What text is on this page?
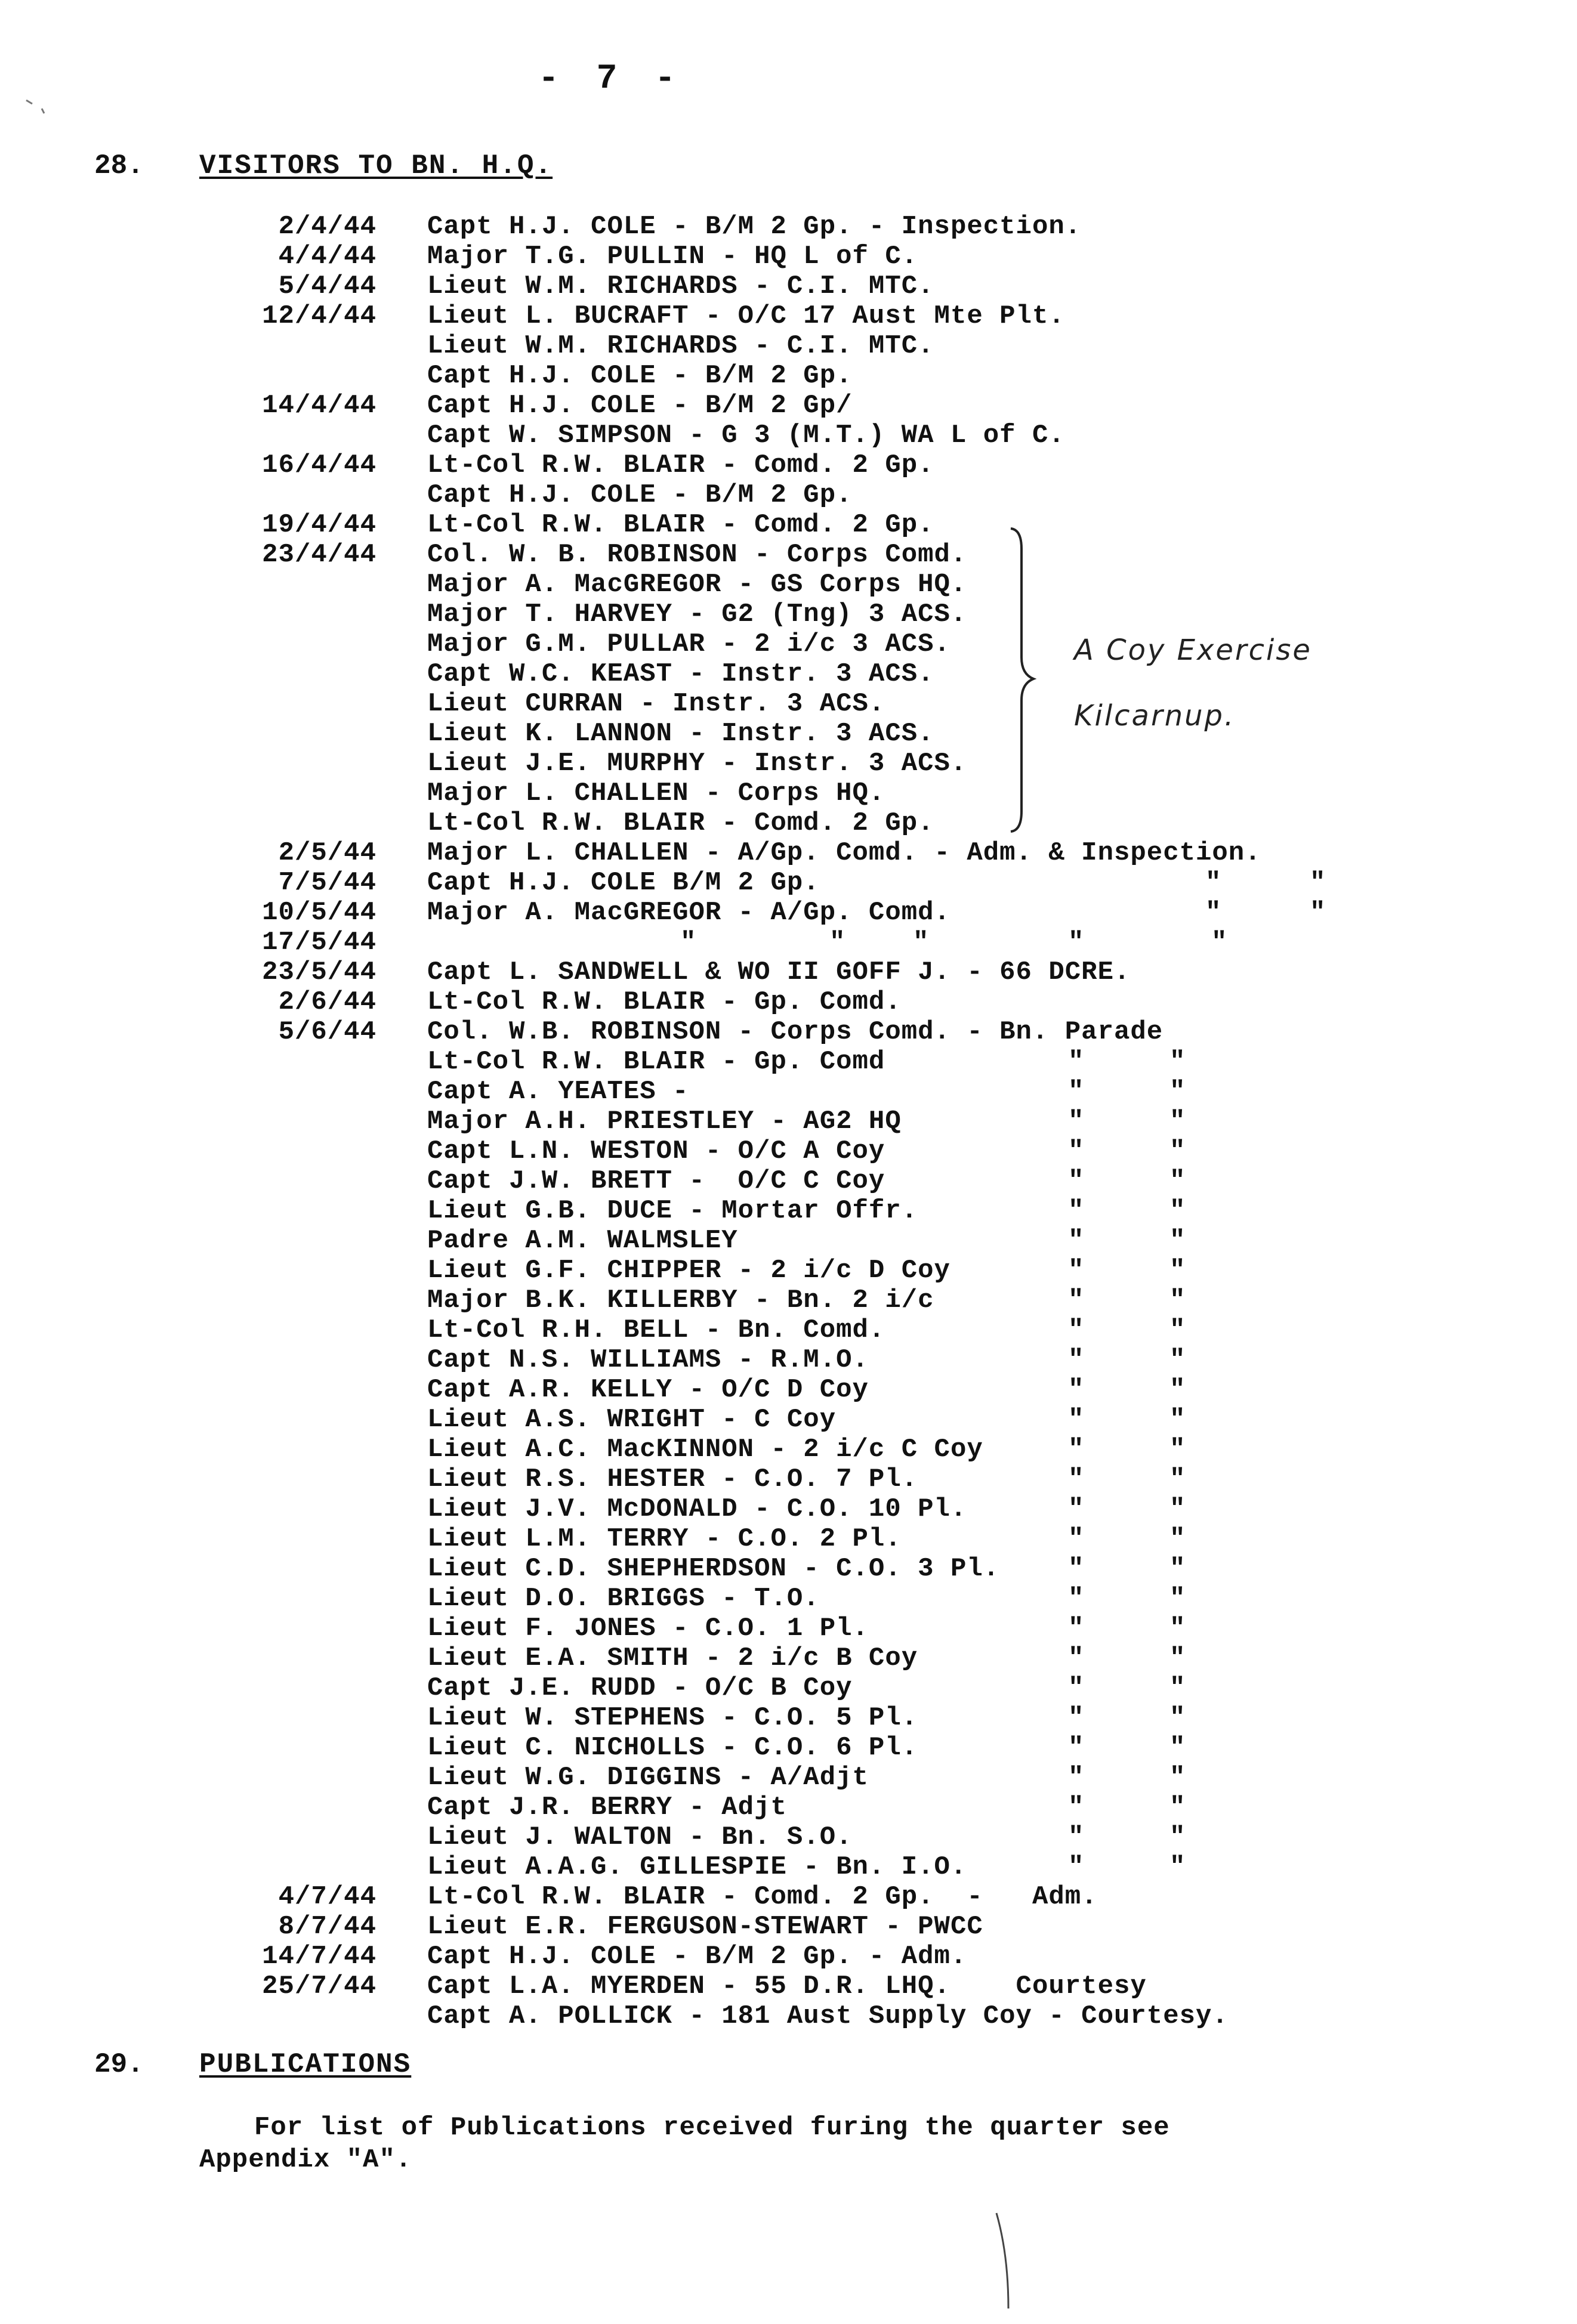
- 7 -
28. VISITORS TO BN. H.Q.
2/4/44 Capt H.J. COLE - B/M 2 Gp. - Inspection.
4/4/44 Major T.G. PULLIN - HQ L of C.
5/4/44 Lieut W.M. RICHARDS - C.I. MTC.
12/4/44 Lieut L. BUCRAFT - O/C 17 Aust Mte Plt.
Lieut W.M. RICHARDS - C.I. MTC.
Capt H.J. COLE - B/M 2 Gp.
14/4/44 Capt H.J. COLE - B/M 2 Gp/
Capt W. SIMPSON - G 3 (M.T.) WA L of C.
16/4/44 Lt-Col R.W. BLAIR - Comd. 2 Gp.
Capt H.J. COLE - B/M 2 Gp.
19/4/44 Lt-Col R.W. BLAIR - Comd. 2 Gp.
23/4/44 Col. W. B. ROBINSON - Corps Comd.
Major A. MacGREGOR - GS Corps HQ.
Major T. HARVEY - G2 (Tng) 3 ACS.
Major G.M. PULLAR - 2 i/c 3 ACS.
Capt W.C. KEAST - Instr. 3 ACS.
Lieut CURRAN - Instr. 3 ACS.
Lieut K. LANNON - Instr. 3 ACS.
Lieut J.E. MURPHY - Instr. 3 ACS.
Major L. CHALLEN - Corps HQ.
Lt-Col R.W. BLAIR - Comd. 2 Gp.
2/5/44 Major L. CHALLEN - A/Gp. Comd. - Adm. & Inspection.
7/5/44 Capt H.J. COLE B/M 2 Gp.	"	"
10/5/44 Major A. MacGREGOR - A/Gp. Comd.	"	"
17/5/44	"	"	"	"	"
23/5/44 Capt L. SANDWELL & WO II GOFF J. - 66 DCRE.
2/6/44 Lt-Col R.W. BLAIR - Gp. Comd.
5/6/44 Col. W.B. ROBINSON - Corps Comd. - Bn. Parade
Lt-Col R.W. BLAIR - Gp. Comd	"	"
Capt A. YEATES -	"	"
Major A.H. PRIESTLEY - AG2 HQ	"	"
Capt L.N. WESTON - O/C A Coy	"	"
Capt J.W. BRETT -  O/C C Coy	"	"
Lieut G.B. DUCE - Mortar Offr.	"	"
Padre A.M. WALMSLEY	"	"
Lieut G.F. CHIPPER - 2 i/c D Coy	"	"
Major B.K. KILLERBY - Bn. 2 i/c	"	"
Lt-Col R.H. BELL - Bn. Comd.	"	"
Capt N.S. WILLIAMS - R.M.O.	"	"
Capt A.R. KELLY - O/C D Coy	"	"
Lieut A.S. WRIGHT - C Coy	"	"
Lieut A.C. MacKINNON - 2 i/c C Coy	"	"
Lieut R.S. HESTER - C.O. 7 Pl.	"	"
Lieut J.V. McDONALD - C.O. 10 Pl.	"	"
Lieut L.M. TERRY - C.O. 2 Pl.	"	"
Lieut C.D. SHEPHERDSON - C.O. 3 Pl.	"	"
Lieut D.O. BRIGGS - T.O.	"	"
Lieut F. JONES - C.O. 1 Pl.	"	"
Lieut E.A. SMITH - 2 i/c B Coy	"	"
Capt J.E. RUDD - O/C B Coy	"	"
Lieut W. STEPHENS - C.O. 5 Pl.	"	"
Lieut C. NICHOLLS - C.O. 6 Pl.	"	"
Lieut W.G. DIGGINS - A/Adjt	"	"
Capt J.R. BERRY - Adjt	"	"
Lieut J. WALTON - Bn. S.O.	"	"
Lieut A.A.G. GILLESPIE - Bn. I.O.	"	"
4/7/44 Lt-Col R.W. BLAIR - Comd. 2 Gp.  -   Adm.
8/7/44 Lieut E.R. FERGUSON-STEWART - PWCC
14/7/44 Capt H.J. COLE - B/M 2 Gp. - Adm.
25/7/44 Capt L.A. MYERDEN - 55 D.R. LHQ.    Courtesy
Capt A. POLLICK - 181 Aust Supply Coy - Courtesy.
A Coy Exercise
Kilcarnup.
29. PUBLICATIONS
For list of Publications received furing the quarter see
Appendix "A".
